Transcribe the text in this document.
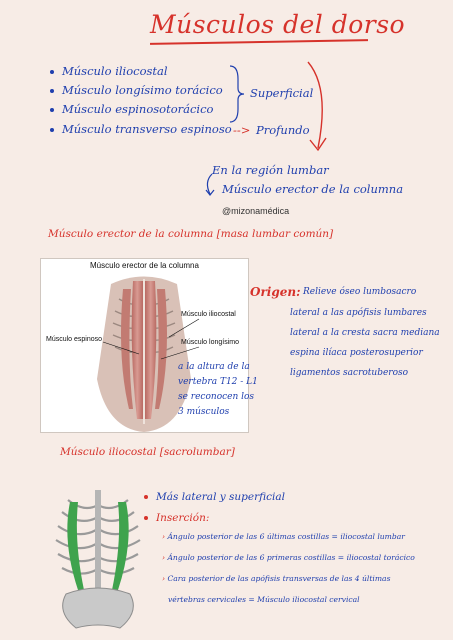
Músculos del dorso
Músculo iliocostal
Músculo longísimo torácico
Músculo espinosotorácico
Músculo transverso espinoso
Superficial
--> Profundo
En la región lumbar
Músculo erector de la columna
@mizonamédica
Músculo erector de la columna [masa lumbar común]
Músculo erector de la columna
Músculo iliocostal
Músculo longísimo
Músculo espinoso
a la altura de la
vertebra T12 - L1
se reconocen los
3 músculos
Origen: Relieve óseo lumbosacro
lateral a las apófisis lumbares
lateral a la cresta sacra mediana
espina ilíaca posterosuperior
ligamentos sacrotuberoso
Músculo iliocostal [sacrolumbar]
Más lateral y superficial
Inserción:
› Ángulo posterior de las 6 últimas costillas = iliocostal lumbar
› Ángulo posterior de las 6 primeras costillas = iliocostal torácico
› Cara posterior de las apófisis transversas de las 4 últimas
vértebras cervicales = Músculo iliocostal cervical
